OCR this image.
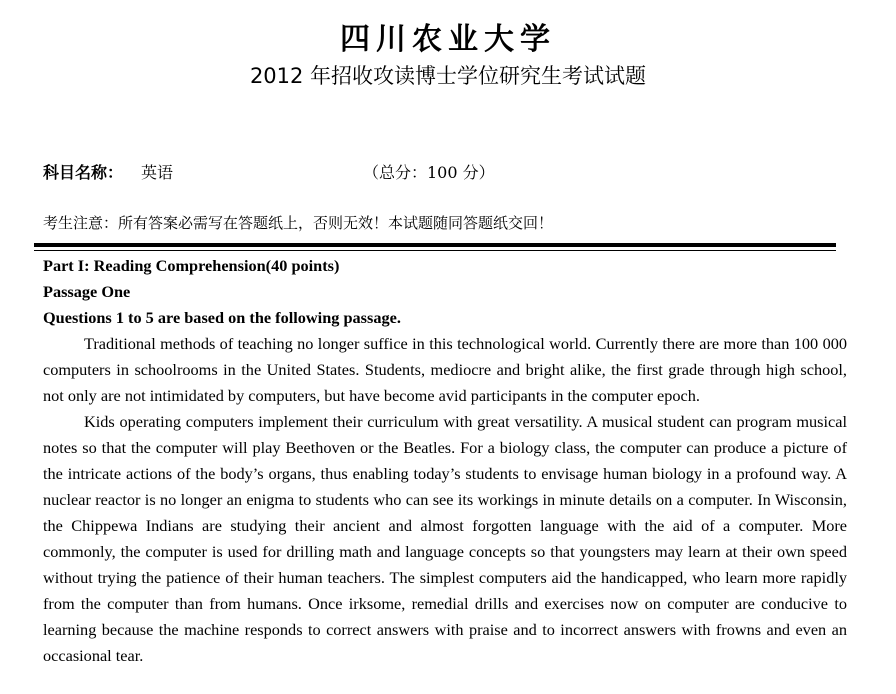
四川农业大学
2012 年招收攻读博士学位研究生考试试题
科目名称： 英语	（总分：100 分）
考生注意：所有答案必需写在答题纸上，否则无效！本试题随同答题纸交回！
Part I: Reading Comprehension(40 points)
Passage One
Questions 1 to 5 are based on the following passage.

Traditional methods of teaching no longer suffice in this technological world. Currently there are more than 100 000 computers in schoolrooms in the United States. Students, mediocre and bright alike, the first grade through high school, not only are not intimidated by computers, but have become avid participants in the computer epoch.

Kids operating computers implement their curriculum with great versatility. A musical student can program musical notes so that the computer will play Beethoven or the Beatles. For a biology class, the computer can produce a picture of the intricate actions of the body’s organs, thus enabling today’s students to envisage human biology in a profound way. A nuclear reactor is no longer an enigma to students who can see its workings in minute details on a computer. In Wisconsin, the Chippewa Indians are studying their ancient and almost forgotten language with the aid of a computer. More commonly, the computer is used for drilling math and language concepts so that youngsters may learn at their own speed without trying the patience of their human teachers. The simplest computers aid the handicapped, who learn more rapidly from the computer than from humans. Once irksome, remedial drills and exercises now on computer are conducive to learning because the machine responds to correct answers with praise and to incorrect answers with frowns and even an occasional tear.
